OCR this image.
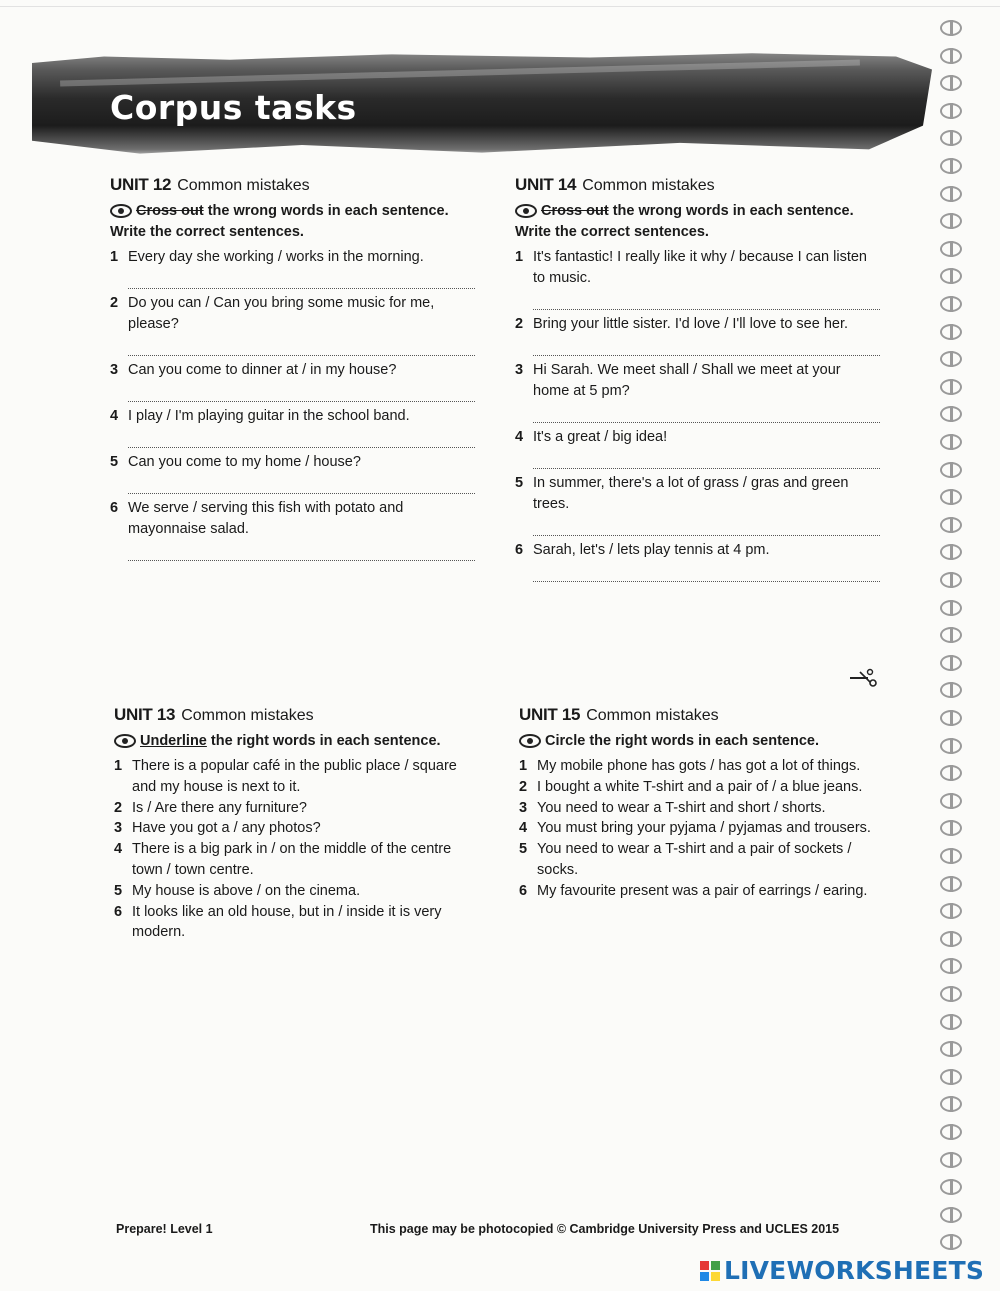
Corpus tasks
UNIT 12 Common mistakes

Cross out the wrong words in each sentence. Write the correct sentences.

1 Every day she working / works in the morning.
2 Do you can / Can you bring some music for me, please?
3 Can you come to dinner at / in my house?
4 I play / I'm playing guitar in the school band.
5 Can you come to my home / house?
6 We serve / serving this fish with potato and mayonnaise salad.
UNIT 14 Common mistakes

Cross out the wrong words in each sentence. Write the correct sentences.

1 It's fantastic! I really like it why / because I can listen to music.
2 Bring your little sister. I'd love / I'll love to see her.
3 Hi Sarah. We meet shall / Shall we meet at your home at 5 pm?
4 It's a great / big idea!
5 In summer, there's a lot of grass / gras and green trees.
6 Sarah, let's / lets play tennis at 4 pm.
UNIT 13 Common mistakes

Underline the right words in each sentence.

1 There is a popular café in the public place / square and my house is next to it.
2 Is / Are there any furniture?
3 Have you got a / any photos?
4 There is a big park in / on the middle of the centre town / town centre.
5 My house is above / on the cinema.
6 It looks like an old house, but in / inside it is very modern.
UNIT 15 Common mistakes

Circle the right words in each sentence.

1 My mobile phone has gots / has got a lot of things.
2 I bought a white T-shirt and a pair of / a blue jeans.
3 You need to wear a T-shirt and short / shorts.
4 You must bring your pyjama / pyjamas and trousers.
5 You need to wear a T-shirt and a pair of sockets / socks.
6 My favourite present was a pair of earrings / earing.
Prepare! Level 1	This page may be photocopied © Cambridge University Press and UCLES 2015
LIVEWORKSHEETS
